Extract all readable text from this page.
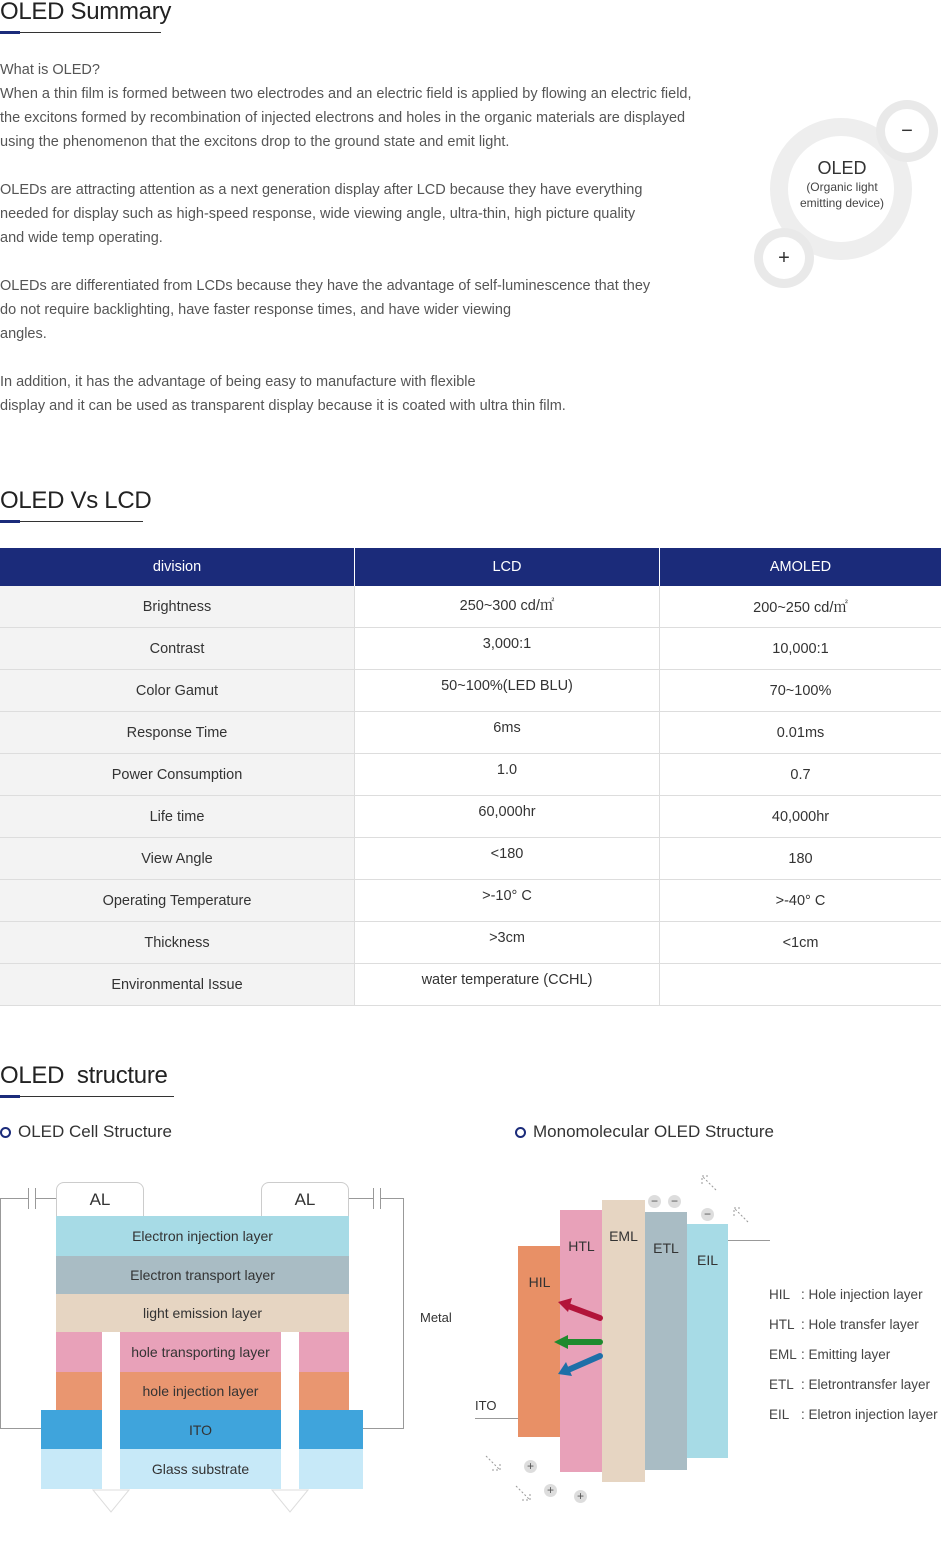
OLED Summary

What is OLED?
When a thin film is formed between two electrodes and an electric field is applied by flowing an electric field,
the excitons formed by recombination of injected electrons and holes in the organic materials are displayed
using the phenomenon that the excitons drop to the ground state and emit light.

OLEDs are attracting attention as a next generation display after LCD because they have everything
needed for display such as high-speed response, wide viewing angle, ultra-thin, high picture quality
and wide temp operating.

OLEDs are differentiated from LCDs because they have the advantage of self-luminescence that they
do not require backlighting, have faster response times, and have wider viewing
angles.

In addition, it has the advantage of being easy to manufacture with flexible
display and it can be used as transparent display because it is coated with ultra thin film.

OLED
(Organic light
emitting device)
−
+
OLED Vs LCD
division	LCD	AMOLED
Brightness	250~300 cd/㎡	200~250 cd/㎡
Contrast	3,000:1	10,000:1
Color Gamut	50~100%(LED BLU)	70~100%
Response Time	6ms	0.01ms
Power Consumption	1.0	0.7
Life time	60,000hr	40,000hr
View Angle	<180	180
Operating Temperature	>-10° C	>-40° C
Thickness	>3cm	<1cm
Environmental Issue	water temperature (CCHL)	
OLED  structure
OLED Cell Structure	Monomolecular OLED Structure
AL	AL
Electron injection layer
Electron transport layer
light emission layer
hole transporting layer
hole injection layer
ITO
Glass substrate
Metal
ITO
HIL
HTL
EML
ETL
EIL
− −
−
+
+ +
HIL : Hole injection layer
HTL : Hole transfer layer
EML : Emitting layer
ETL : Eletrontransfer layer
EIL : Eletron injection layer
